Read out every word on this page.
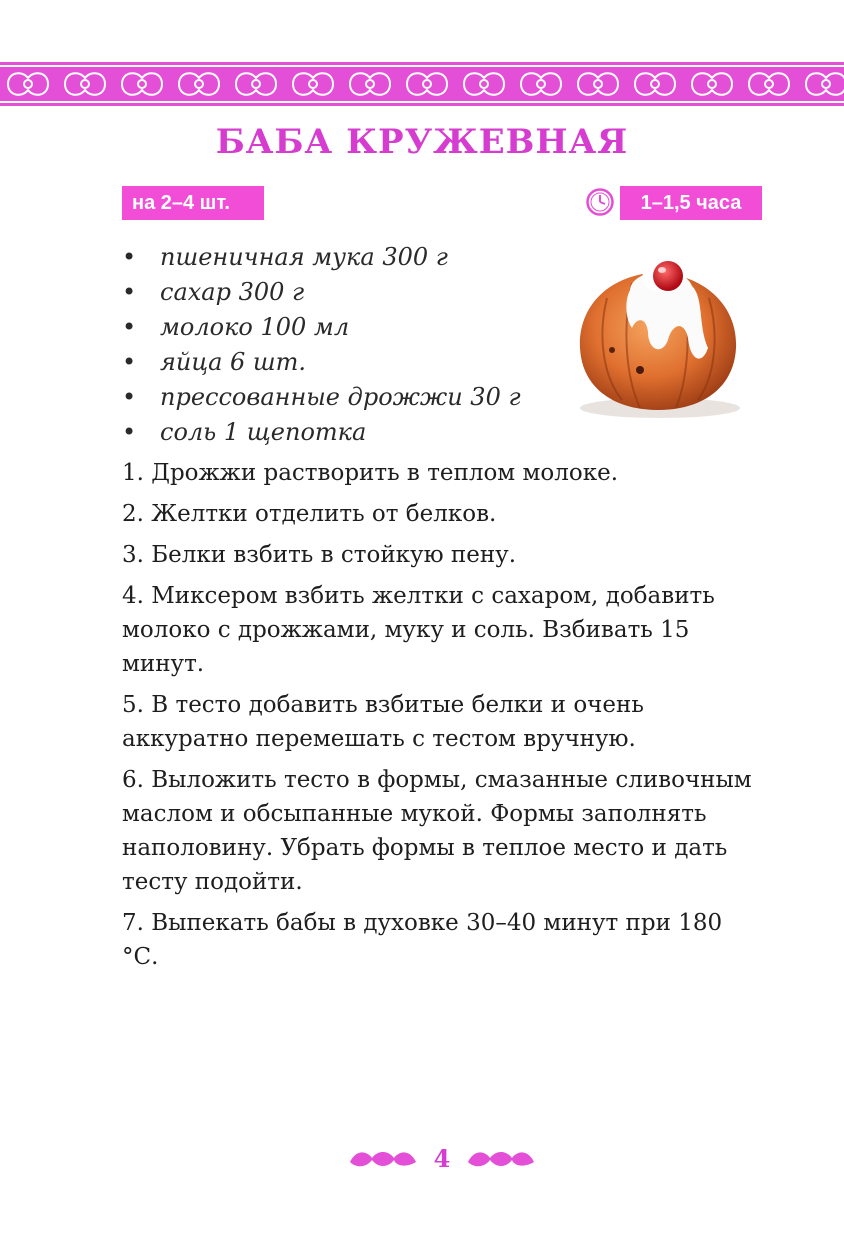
БАБА КРУЖЕВНАЯ
на 2–4 шт.	1–1,5 часа
• пшеничная мука 300 г
• сахар 300 г
• молоко 100 мл
• яйца 6 шт.
• прессованные дрожжи 30 г
• соль 1 щепотка

1. Дрожжи растворить в теплом молоке.

2. Желтки отделить от белков.

3. Белки взбить в стойкую пену.

4. Миксером взбить желтки с сахаром, добавить молоко с дрожжами, муку и соль. Взбивать 15 минут.

5. В тесто добавить взбитые белки и очень аккуратно перемешать с тестом вручную.

6. Выложить тесто в формы, смазанные сливочным маслом и обсыпанные мукой. Формы заполнять наполовину. Убрать формы в теплое место и дать тесту подойти.

7. Выпекать бабы в духовке 30–40 минут при 180 °С.

4
